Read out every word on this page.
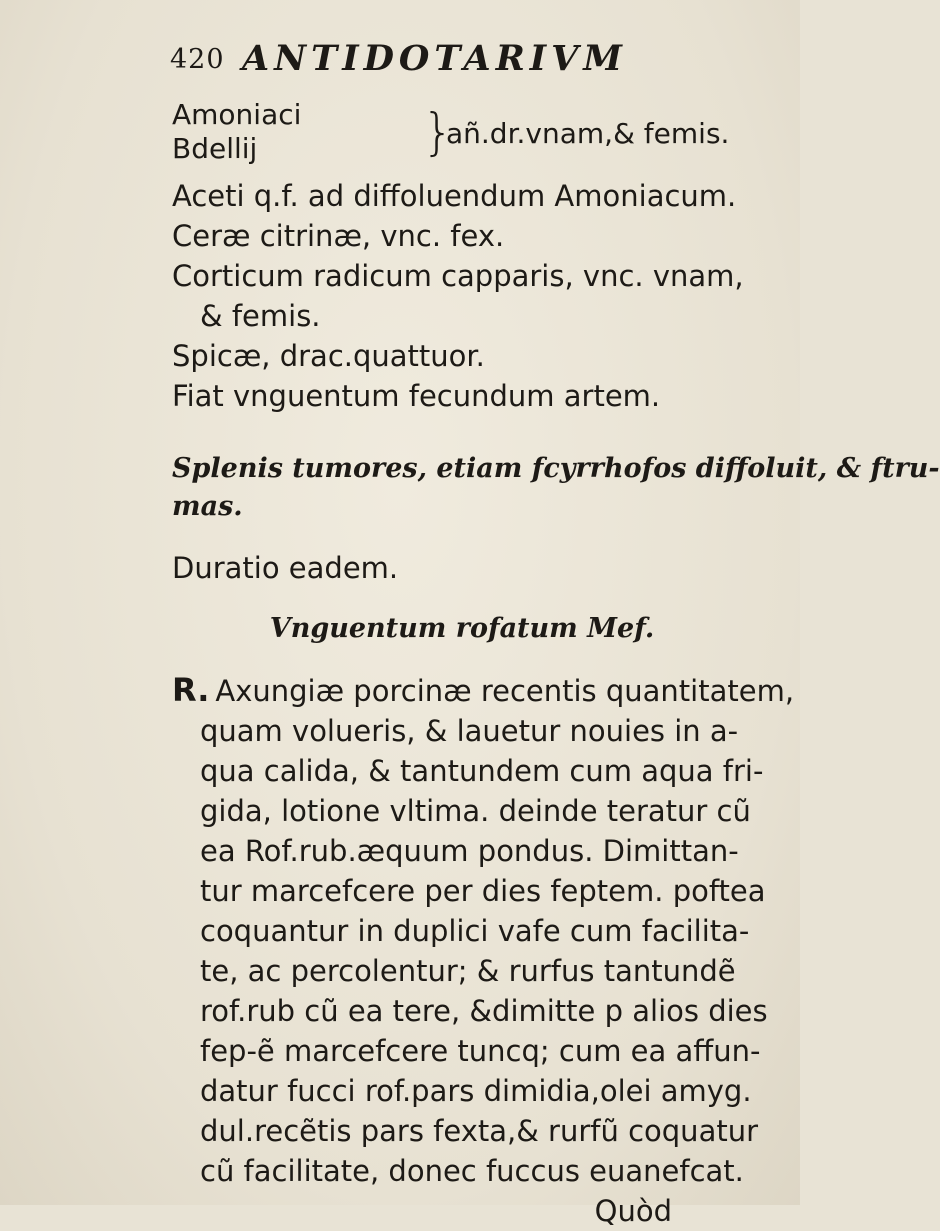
420 ANTIDOTARIVM
Amoniaci
Bdellij	}
añ.dr.vnam,& femis.
Aceti q.f. ad diffoluendum Amoniacum.
Ceræ citrinæ, vnc. fex.
Corticum radicum capparis, vnc. vnam,
& femis.
Spicæ, drac.quattuor.
Fiat vnguentum fecundum artem.
Splenis tumores, etiam fcyrrhofos diffoluit, & ftru-
mas.
Duratio eadem.
Vnguentum rofatum Mef.
R. Axungiæ porcinæ recentis quantitatem,
quam volueris, & lauetur nouies in a-
qua calida, & tantundem cum aqua fri-
gida, lotione vltima. deinde teratur cũ
ea Rof.rub.æquum pondus. Dimittan-
tur marcefcere per dies feptem. poftea
coquantur in duplici vafe cum facilita-
te, ac percolentur; & rurfus tantundẽ
rof.rub cũ ea tere, &dimitte p alios dies
fep-ẽ marcefcere tuncq; cum ea affun-
datur fucci rof.pars dimidia,olei amyg.
dul.recẽtis pars fexta,& rurfũ coquatur
cũ facilitate, donec fuccus euanefcat.
Quòd
